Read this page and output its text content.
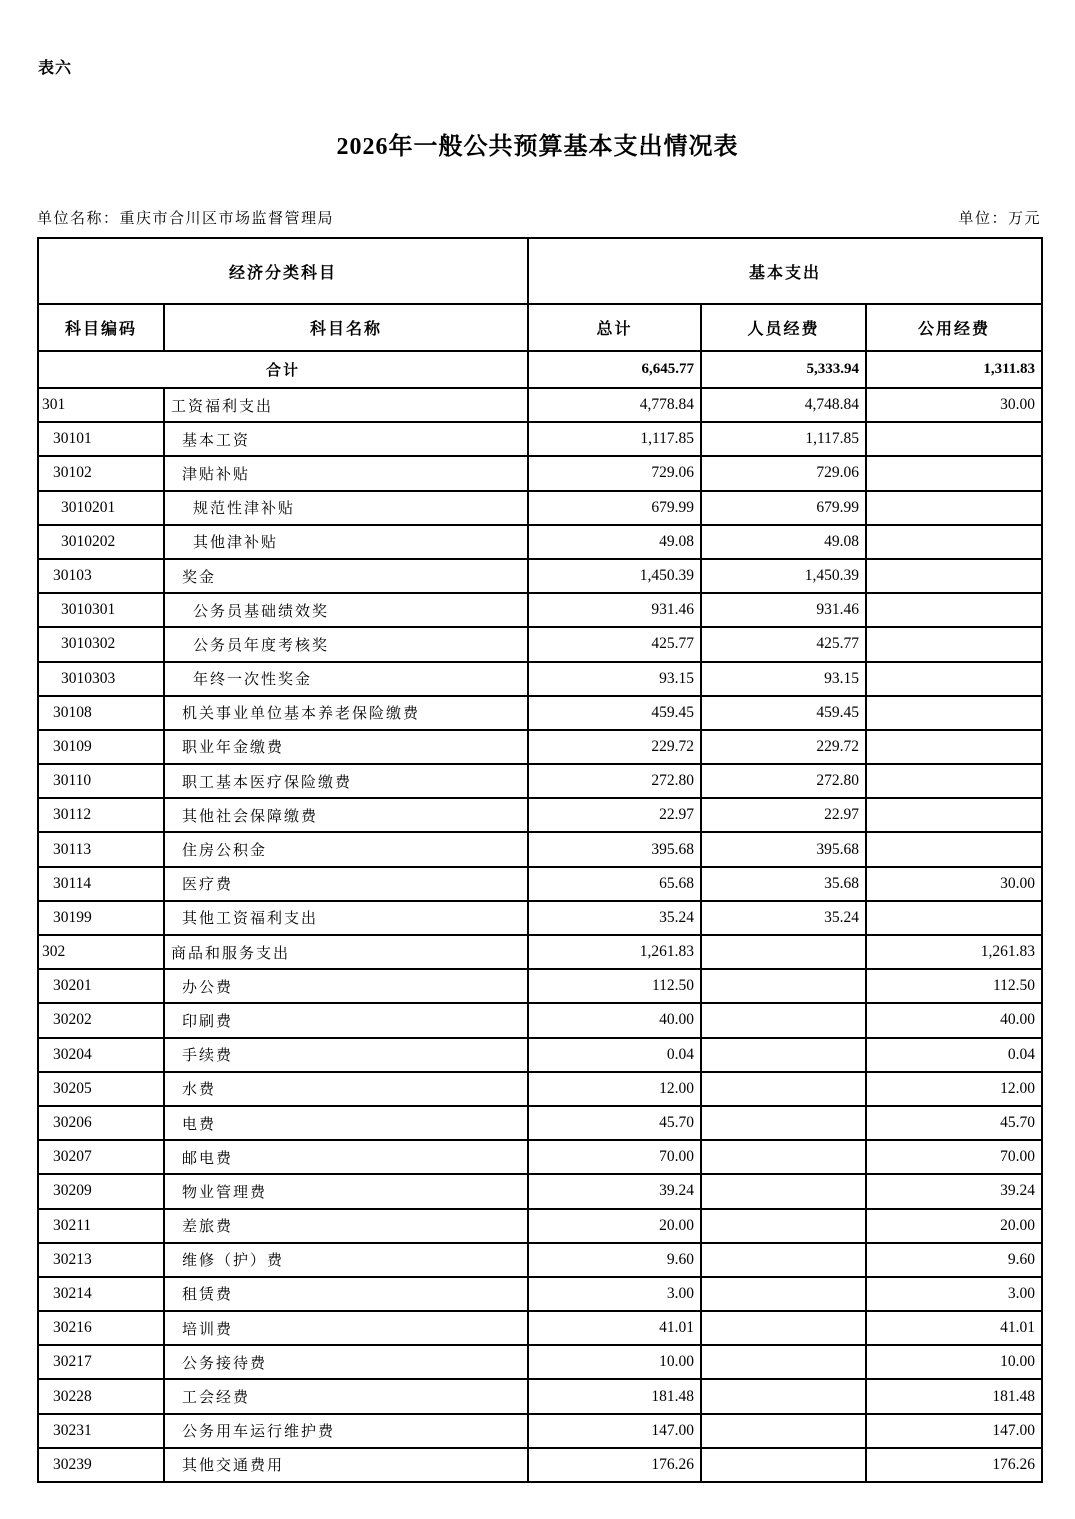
表六
2026年一般公共预算基本支出情况表
单位名称：重庆市合川区市场监督管理局	单位：万元
经济分类科目		基本支出		
科目编码	科目名称	总计	人员经费	公用经费
合计		6,645.77	5,333.94	1,311.83
301	工资福利支出	4,778.84	4,748.84	30.00
30101	基本工资	1,117.85	1,117.85	
30102	津贴补贴	729.06	729.06	
3010201	规范性津补贴	679.99	679.99	
3010202	其他津补贴	49.08	49.08	
30103	奖金	1,450.39	1,450.39	
3010301	公务员基础绩效奖	931.46	931.46	
3010302	公务员年度考核奖	425.77	425.77	
3010303	年终一次性奖金	93.15	93.15	
30108	机关事业单位基本养老保险缴费	459.45	459.45	
30109	职业年金缴费	229.72	229.72	
30110	职工基本医疗保险缴费	272.80	272.80	
30112	其他社会保障缴费	22.97	22.97	
30113	住房公积金	395.68	395.68	
30114	医疗费	65.68	35.68	30.00
30199	其他工资福利支出	35.24	35.24	
302	商品和服务支出	1,261.83		1,261.83
30201	办公费	112.50		112.50
30202	印刷费	40.00		40.00
30204	手续费	0.04		0.04
30205	水费	12.00		12.00
30206	电费	45.70		45.70
30207	邮电费	70.00		70.00
30209	物业管理费	39.24		39.24
30211	差旅费	20.00		20.00
30213	维修（护）费	9.60		9.60
30214	租赁费	3.00		3.00
30216	培训费	41.01		41.01
30217	公务接待费	10.00		10.00
30228	工会经费	181.48		181.48
30231	公务用车运行维护费	147.00		147.00
30239	其他交通费用	176.26		176.26
